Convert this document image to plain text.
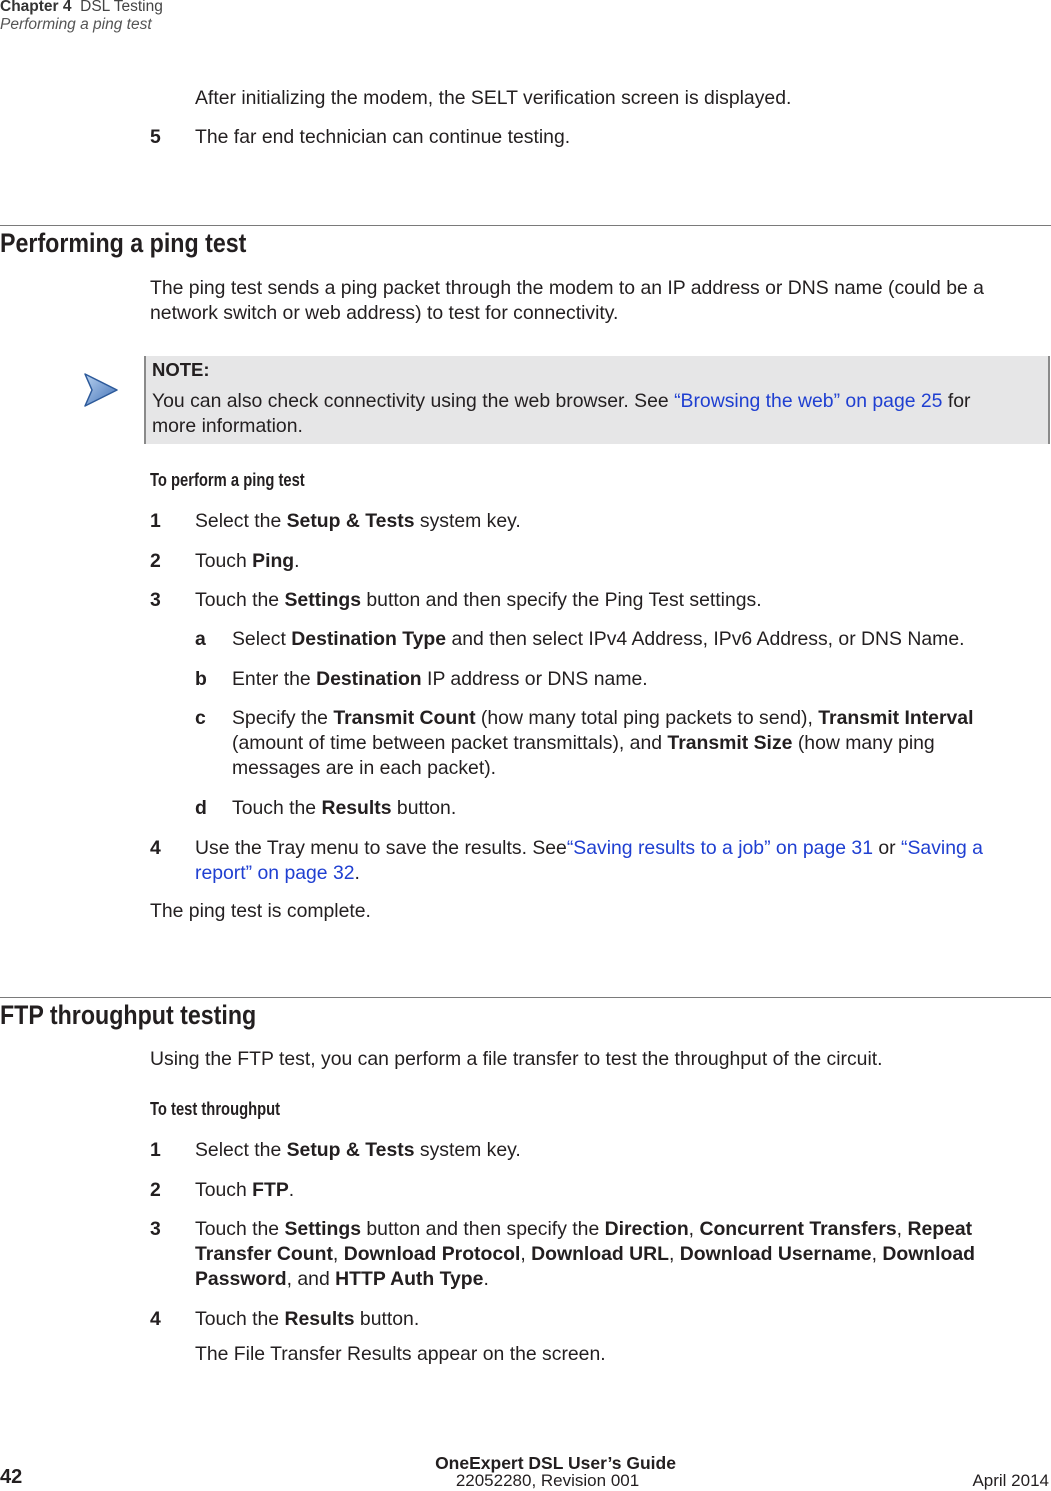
Chapter 4 DSL Testing
Performing a ping test
After initializing the modem, the SELT verification screen is displayed.
5 The far end technician can continue testing.
Performing a ping test
The ping test sends a ping packet through the modem to an IP address or DNS name (could be a
network switch or web address) to test for connectivity.
NOTE:
You can also check connectivity using the web browser. See “Browsing the web” on page 25 for
more information.
To perform a ping test
1 Select the Setup & Tests system key.
2 Touch Ping.
3 Touch the Settings button and then specify the Ping Test settings.
a Select Destination Type and then select IPv4 Address, IPv6 Address, or DNS Name.
b Enter the Destination IP address or DNS name.
c Specify the Transmit Count (how many total ping packets to send), Transmit Interval
(amount of time between packet transmittals), and Transmit Size (how many ping
messages are in each packet).
d Touch the Results button.
4 Use the Tray menu to save the results. See“Saving results to a job” on page 31 or “Saving a
report” on page 32.
The ping test is complete.
FTP throughput testing
Using the FTP test, you can perform a file transfer to test the throughput of the circuit.
To test throughput
1 Select the Setup & Tests system key.
2 Touch FTP.
3 Touch the Settings button and then specify the Direction, Concurrent Transfers, Repeat
Transfer Count, Download Protocol, Download URL, Download Username, Download
Password, and HTTP Auth Type.
4 Touch the Results button.
The File Transfer Results appear on the screen.
OneExpert DSL User’s Guide
42	22052280, Revision 001	April 2014
